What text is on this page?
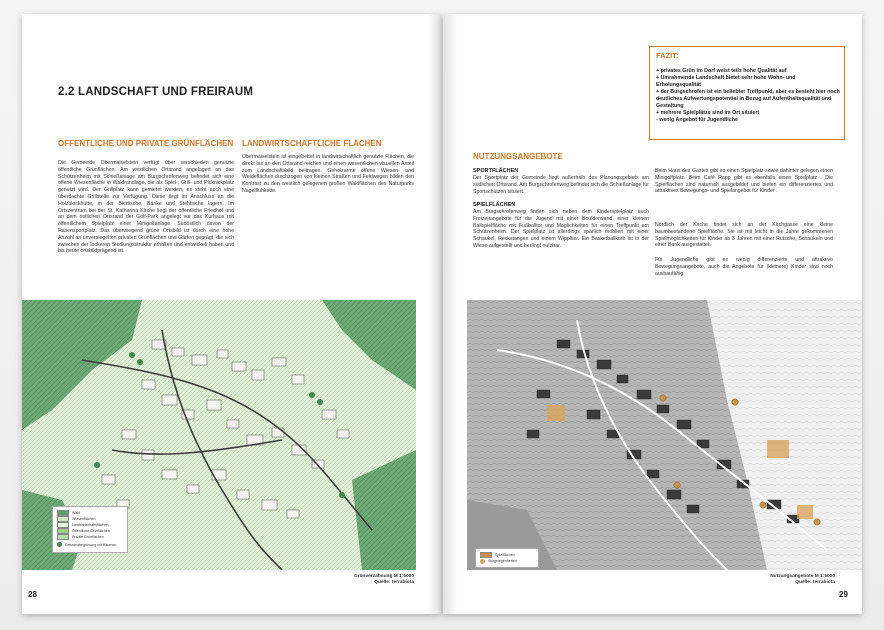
2.2 LANDSCHAFT UND FREIRAUM
ÖFFENTLICHE UND PRIVATE GRÜNFLÄCHEN
Die Gemeinde Obermaiselstein verfügt über verschieden genutzte öffentliche Grünflächen. Am westlichen Ortsrand angelagert an das Schützenheim mit Schießanlage am Burgschrofenweg befindet sich eine offene Wiesenfläche in Waldrandlage, die als Spiel-, Grill- und Picknickplatz genutzt wird. Der Grillplatz kann gemietet werden, es steht auch eine überdachte Grillstelle zur Verfügung. Diese liegt im Anschluss an die Holzblockhütte, in der Biertische, Bänke und Stehtische lagern. Im Ortszentrum bei der St. Katharina Kirche liegt der öffentliche Friedhof und an dem östlichen Ortsrand der Golf-Park angelegt vor das Kurhaus mit öffentlichem Spielplatz einer Minigolfanlage. Südöstlich davon der Rasensportplatz. Das überwiegend grüne Ortsbild ist durch eine hohe Anzahl an unversiegelten privaten Grünflächen und Gärten geprägt, die sich zwischen der lockeren Siedlungsstruktur erhalten und entwickelt haben und bis heute ortsbildprägend ist.
LANDWIRTSCHAFTLICHE FLÄCHEN
Obermaiselstein ist eingebettet in landwirtschaftlich genutzte Flächen, die direkt bis an den Ortsrand reichen und einen wesentlichen visuellen Anteil zum Landschaftsbild beitragen. Gehölzarme offene Wiesen- und Weideflächen durchzogen von kleinen Straßen und Feldwegen bilden den Kontrast zu den westlich gelegenen großen Waldflächen des Naturparks Nagelfluhkette.
Wald
Wiesenflächen
Landwirtschaftsflächen
Öffentliche Grünflächen
Private Grünflächen
Ortsrandbegrünung mit Bäumen
Grünverzahnung M 1:5000
Quelle: terrabiota
28
FAZIT:
+ privates Grün im Dorf weist teils hohe Qualität auf
+ Umrahmende Landschaft bietet sehr hohe Wohn- und Erholungsqualität
+ der Burgschrofen ist ein beliebter Treffpunkt, aber es besteht hier noch deutliches Aufwertungspotential in Bezug auf Aufenthaltsqualität und Gestaltung
+ mehrere Spielplätze sind im Ort situiert
- wenig Angebot für Jugendliche
NUTZUNGSANGEBOTE
SPORTFLÄCHEN
Der Sportplatz der Gemeinde liegt außerhalb des Planungsgebiets am südlichen Ortsrand. Am Burgschrofenweg befindet sich die Schießanlage für Sportschützen situiert.
SPIELFLÄCHEN
Am Burgschrofenweg finden sich neben dem Kinderspielplatz auch Freizeitangebote für die Jugend mit einer Boulderwand, einer kleinen Ballspielfläche mit Fußballtor und Möglichkeiten für einen Treffpunkt am Schützenheim. Der Spielplatz ist allerdings spärlich möbliert mit einer Schaukel, Reckstangen und einem Wippltier. Ein Basketballkorb ist in der Wiese aufgestellt und bedingt nutzbar.
Beim Haus des Gastes gibt es einen Spielplatz sowie dahinter gelegen einen Minigolfplatz. Beim Café Rapp gibt es ebenfalls einen Spielplatz . Die Spielflächen sind naturnah ausgebildet und bieten ein differenziertes und attraktives Bewegungs- und Spielangebot für Kinder .
Nördlich der Kirche findet sich an der Kirchgasse eine kleine baumbestandene Spielfläche. Sie ist mit leicht in die Jahre gekommenen Spielmöglichkeiten für Kinder ab 3 Jahren mit einer Rutsche, Schaukeln und einer Bank ausgestattet.
Für Jugendliche gibt es wenig differenzierte und attraktive Bewegungsangebote, auch die Angebote für (kleinere) Kinder sind noch ausbaufähig.
Spielflächen
Sitzgelegenheiten
Nutzungsangebote M 1:5000
Quelle: terrabiota
29
